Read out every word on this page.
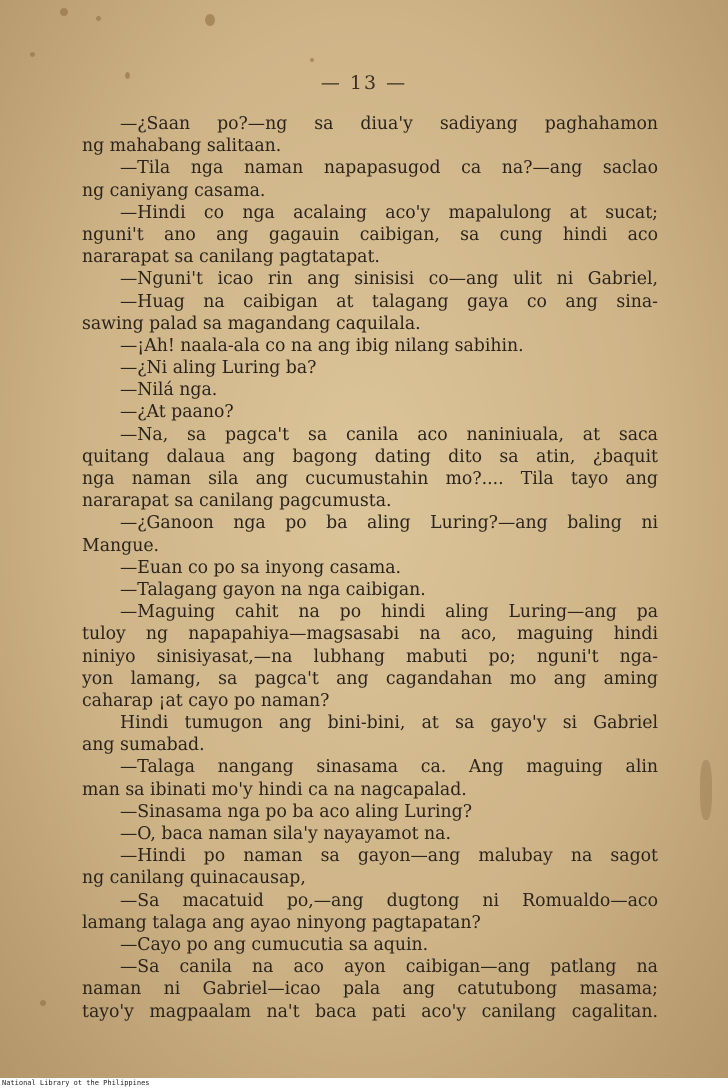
— 13 —
—¿Saan po?—ng sa diua'y sadiyang paghahamon
ng mahabang salitaan.
—Tila nga naman napapasugod ca na?—ang saclao
ng caniyang casama.
—Hindi co nga acalaing aco'y mapalulong at sucat;
nguni't ano ang gagauin caibigan, sa cung hindi aco
nararapat sa canilang pagtatapat.
—Nguni't icao rin ang sinisisi co—ang ulit ni Gabriel,
—Huag na caibigan at talagang gaya co ang sina-
sawing palad sa magandang caquilala.
—¡Ah! naala-ala co na ang ibig nilang sabihin.
—¿Ni aling Luring ba?
—Nilá nga.
—¿At paano?
—Na, sa pagca't sa canila aco naniniuala, at saca
quitang dalaua ang bagong dating dito sa atin, ¿baquit
nga naman sila ang cucumustahin mo?.... Tila tayo ang
nararapat sa canilang pagcumusta.
—¿Ganoon nga po ba aling Luring?—ang baling ni
Mangue.
—Euan co po sa inyong casama.
—Talagang gayon na nga caibigan.
—Maguing cahit na po hindi aling Luring—ang pa
tuloy ng napapahiya—magsasabi na aco, maguing hindi
niniyo sinisiyasat,—na lubhang mabuti po; nguni't nga-
yon lamang, sa pagca't ang cagandahan mo ang aming
caharap ¡at cayo po naman?
Hindi tumugon ang bini-bini, at sa gayo'y si Gabriel
ang sumabad.
—Talaga nangang sinasama ca. Ang maguing alin
man sa ibinati mo'y hindi ca na nagcapalad.
—Sinasama nga po ba aco aling Luring?
—O, baca naman sila'y nayayamot na.
—Hindi po naman sa gayon—ang malubay na sagot
ng canilang quinacausap,
—Sa macatuid po,—ang dugtong ni Romualdo—aco
lamang talaga ang ayao ninyong pagtapatan?
—Cayo po ang cumucutia sa aquin.
—Sa canila na aco ayon caibigan—ang patlang na
naman ni Gabriel—icao pala ang catutubong masama;
tayo'y magpaalam na't baca pati aco'y canilang cagalitan.
National Library ot the Philippines
